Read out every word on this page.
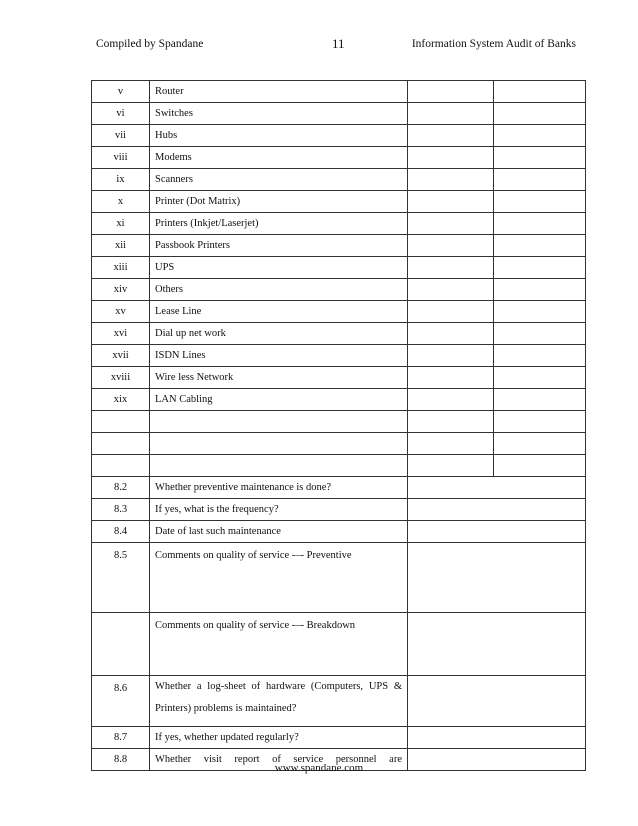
Compiled by Spandane	11	Information System Audit of Banks
v	Router		
vi	Switches		
vii	Hubs		
viii	Modems		
ix	Scanners		
x	Printer (Dot Matrix)		
xi	Printers (Inkjet/Laserjet)		
xii	Passbook Printers		
xiii	UPS		
xiv	Others		
xv	Lease Line		
xvi	Dial up net work		
xvii	ISDN Lines		
xviii	Wire less Network		
xix	LAN Cabling		

8.2	Whether preventive maintenance is done?		
8.3	If yes, what is the frequency?		
8.4	Date of last such maintenance		
8.5	Comments on quality of service -–- Preventive		
	Comments on quality of service -–- Breakdown		
8.6	Whether a log-sheet of hardware (Computers, UPS & Printers) problems is maintained?		
8.7	If yes, whether updated regularly?		
8.8	Whether visit report of service personnel are		
www.spandane.com
